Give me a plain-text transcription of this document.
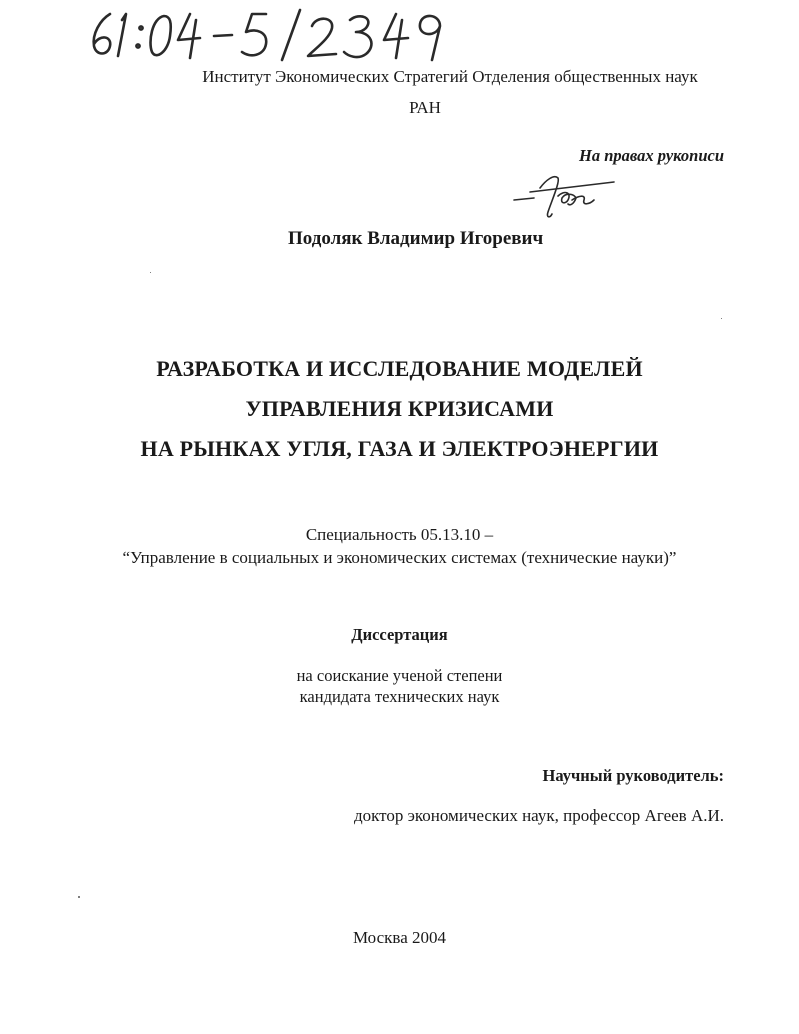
Институт Экономических Стратегий Отделения общественных наук
РАН
На правах рукописи
Подоляк Владимир Игоревич
РАЗРАБОТКА И ИССЛЕДОВАНИЕ МОДЕЛЕЙ
УПРАВЛЕНИЯ КРИЗИСАМИ
НА РЫНКАХ УГЛЯ, ГАЗА И ЭЛЕКТРОЭНЕРГИИ
Специальность 05.13.10 –
“Управление в социальных и экономических системах (технические науки)”
Диссертация
на соискание ученой степени
кандидата технических наук
Научный руководитель:
доктор экономических наук, профессор Агеев А.И.
Москва 2004
